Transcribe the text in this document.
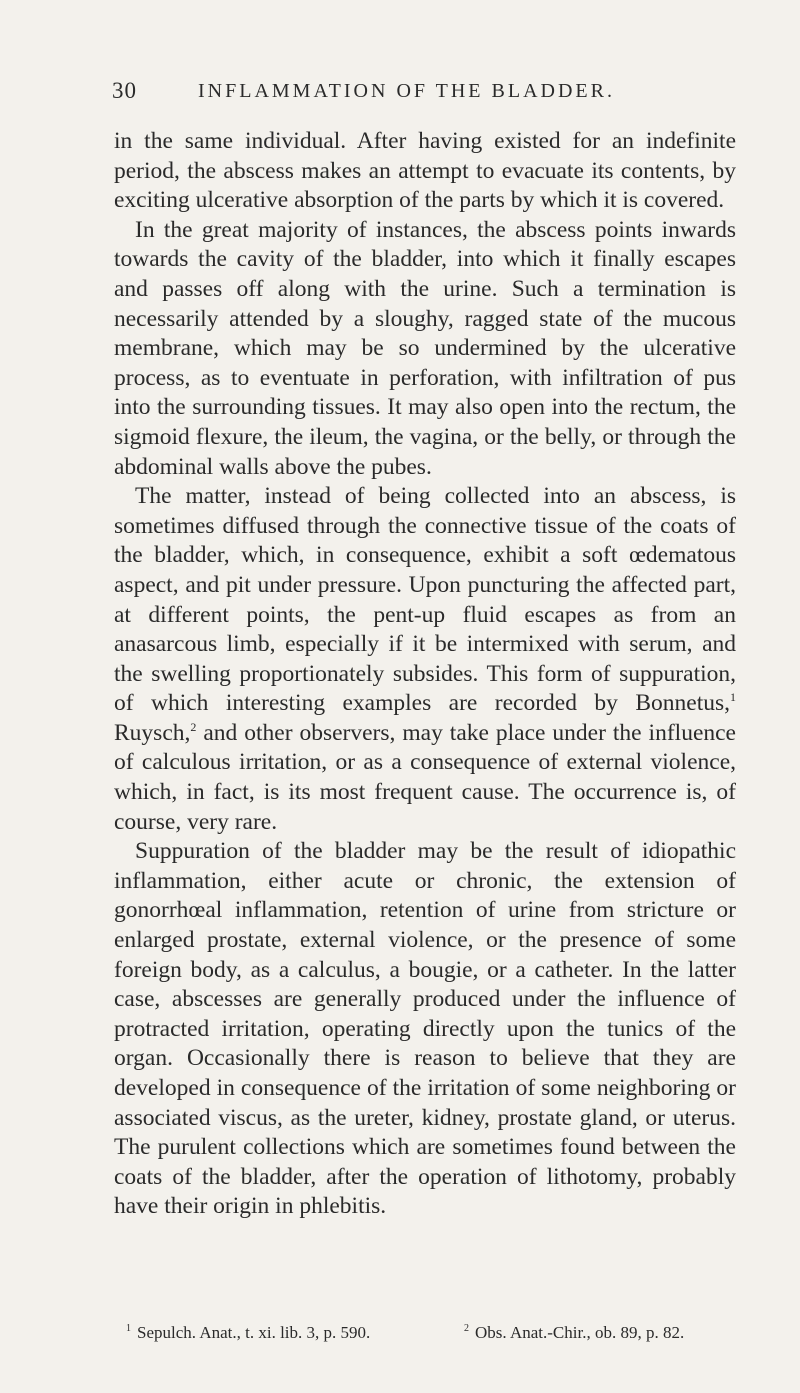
30	INFLAMMATION OF THE BLADDER.

in the same individual. After having existed for an indefinite period, the abscess makes an attempt to evacuate its contents, by exciting ulcerative absorption of the parts by which it is covered.

In the great majority of instances, the abscess points inwards towards the cavity of the bladder, into which it finally escapes and passes off along with the urine. Such a termination is necessarily attended by a sloughy, ragged state of the mucous membrane, which may be so undermined by the ulcerative process, as to eventuate in perforation, with infiltration of pus into the surrounding tissues. It may also open into the rectum, the sigmoid flexure, the ileum, the vagina, or the belly, or through the abdominal walls above the pubes.

The matter, instead of being collected into an abscess, is sometimes diffused through the connective tissue of the coats of the bladder, which, in consequence, exhibit a soft œdematous aspect, and pit under pressure. Upon puncturing the affected part, at different points, the pent-up fluid escapes as from an anasarcous limb, especially if it be intermixed with serum, and the swelling proportionately subsides. This form of suppuration, of which interesting examples are recorded by Bonnetus,$^1$ Ruysch,$^2$ and other observers, may take place under the influence of calculous irritation, or as a consequence of external violence, which, in fact, is its most frequent cause. The occurrence is, of course, very rare.

Suppuration of the bladder may be the result of idiopathic inflammation, either acute or chronic, the extension of gonorrhœal inflammation, retention of urine from stricture or enlarged prostate, external violence, or the presence of some foreign body, as a calculus, a bougie, or a catheter. In the latter case, abscesses are generally produced under the influence of protracted irritation, operating directly upon the tunics of the organ. Occasionally there is reason to believe that they are developed in consequence of the irritation of some neighboring or associated viscus, as the ureter, kidney, prostate gland, or uterus. The purulent collections which are sometimes found between the coats of the bladder, after the operation of lithotomy, probably have their origin in phlebitis.

$^1$ Sepulch. Anat., t. xi. lib. 3, p. 590.	$^2$ Obs. Anat.-Chir., ob. 89, p. 82.
